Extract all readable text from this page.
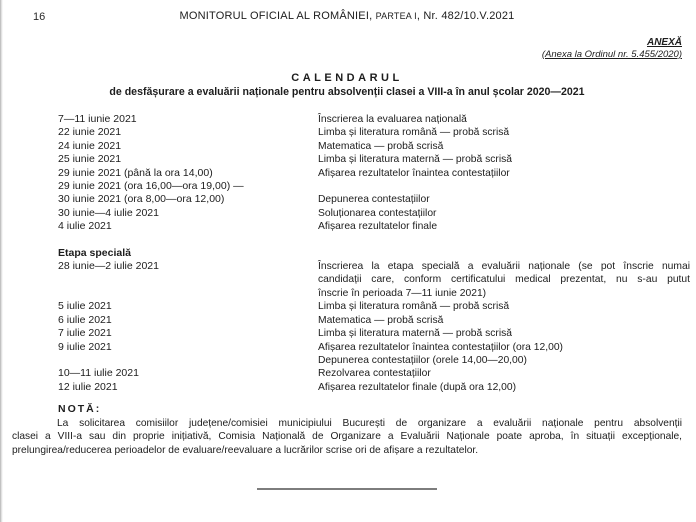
16	MONITORUL OFICIAL AL ROMÂNIEI, PARTEA I, Nr. 482/10.V.2021
ANEXĂ
(Anexa la Ordinul nr. 5.455/2020)
CALENDARUL
de desfășurare a evaluării naționale pentru absolvenții clasei a VIII-a în anul școlar 2020—2021
7—11 iunie 2021	Înscrierea la evaluarea națională
22 iunie 2021	Limba și literatura română — probă scrisă
24 iunie 2021	Matematica — probă scrisă
25 iunie 2021	Limba și literatura maternă — probă scrisă
29 iunie 2021 (până la ora 14,00)	Afișarea rezultatelor înaintea contestațiilor
29 iunie 2021 (ora 16,00—ora 19,00) —

30 iunie 2021 (ora 8,00—ora 12,00)	Depunerea contestațiilor
30 iunie—4 iulie 2021	Soluționarea contestațiilor
4 iulie 2021	Afișarea rezultatelor finale
Etapa specială
28 iunie—2 iulie 2021	Înscrierea la etapa specială a evaluării naționale (se pot înscrie numai
candidații care, conform certificatului medical prezentat, nu s-au putut
înscrie în perioada 7—11 iunie 2021)
5 iulie 2021	Limba și literatura română — probă scrisă
6 iulie 2021	Matematica — probă scrisă
7 iulie 2021	Limba și literatura maternă — probă scrisă
9 iulie 2021	Afișarea rezultatelor înaintea contestațiilor (ora 12,00)

Depunerea contestațiilor (orele 14,00—20,00)
10—11 iulie 2021	Rezolvarea contestațiilor
12 iulie 2021	Afișarea rezultatelor finale (după ora 12,00)
NOTĂ:
La solicitarea comisiilor județene/comisiei municipiului București de organizare a evaluării naționale pentru absolvenții
clasei a VIII-a sau din proprie inițiativă, Comisia Națională de Organizare a Evaluării Naționale poate aproba, în situații excepționale,
prelungirea/reducerea perioadelor de evaluare/reevaluare a lucrărilor scrise ori de afișare a rezultatelor.
